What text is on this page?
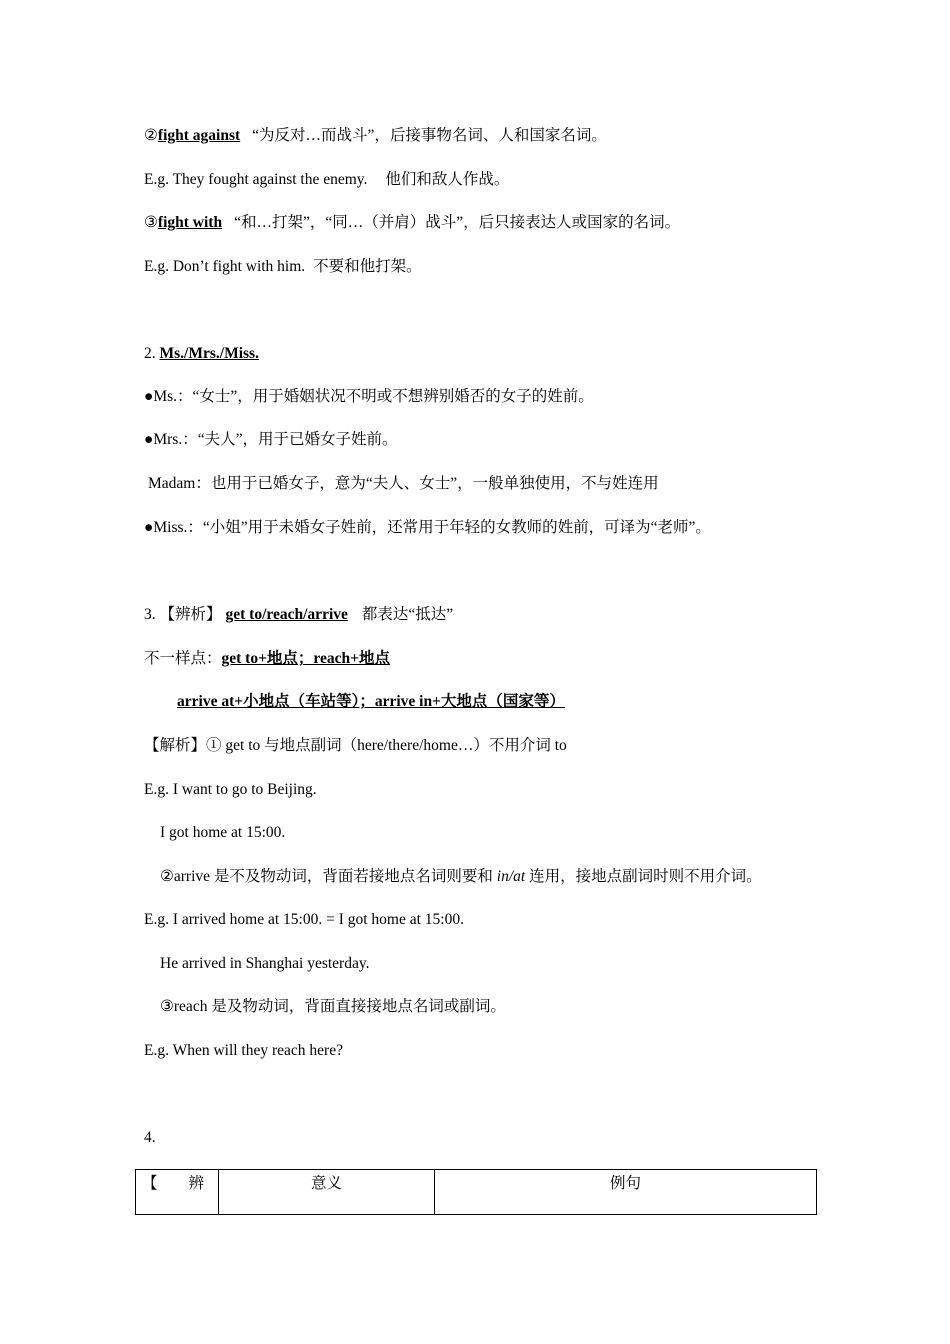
②fight against “为反对…而战斗”，后接事物名词、人和国家名词。
E.g. They fought against the enemy. 他们和敌人作战。
③fight with “和…打架”，“同…（并肩）战斗”，后只接表达人或国家的名词。
E.g. Don’t fight with him. 不要和他打架。
2. Ms./Mrs./Miss.
●Ms.：“女士”，用于婚姻状况不明或不想辨别婚否的女子的姓前。
●Mrs.：“夫人”，用于已婚女子姓前。
Madam：也用于已婚女子，意为“夫人、女士”，一般单独使用，不与姓连用
●Miss.：“小姐”用于未婚女子姓前，还常用于年轻的女教师的姓前，可译为“老师”。
3. 【辨析】 get to/reach/arrive 都表达“抵达”
不一样点：get to+地点；reach+地点
arrive at+小地点（车站等）；arrive in+大地点（国家等）
【解析】① get to 与地点副词（here/there/home…）不用介词 to
E.g. I want to go to Beijing.
I got home at 15:00.
②arrive 是不及物动词，背面若接地点名词则要和 in/at 连用，接地点副词时则不用介词。
E.g. I arrived home at 15:00. = I got home at 15:00.
He arrived in Shanghai yesterday.
③reach 是及物动词，背面直接接地点名词或副词。
E.g. When will they reach here?
4.
【　　辨	意义	例句
